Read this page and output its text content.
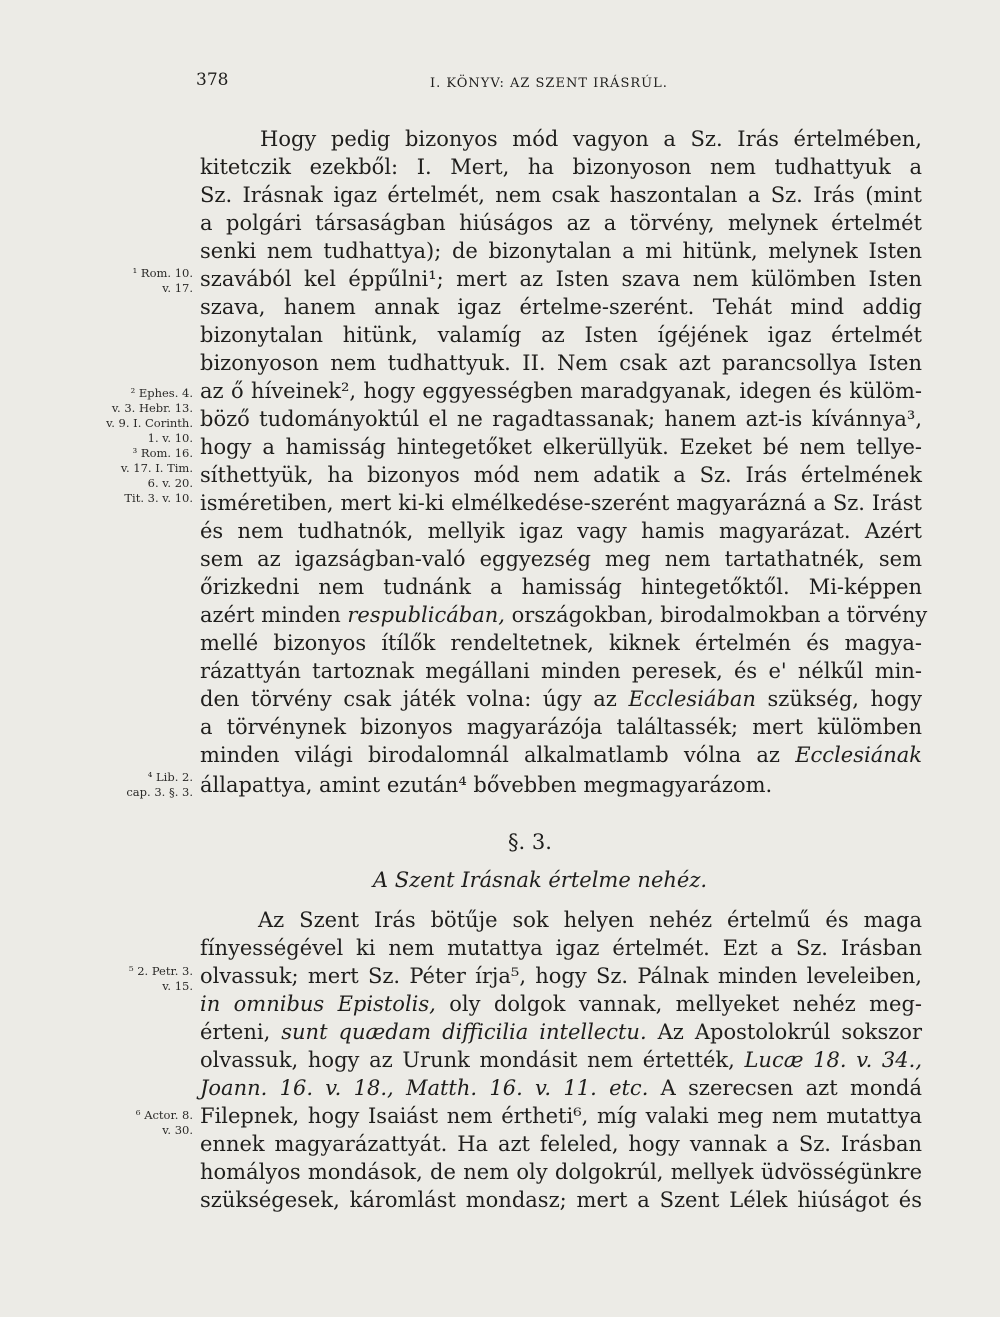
378	I. KÖNYV: AZ SZENT IRÁSRÚL.
¹ Rom. 10.
v. 17.
² Ephes. 4.
v. 3. Hebr. 13.
v. 9. I. Corinth.
1. v. 10.
³ Rom. 16.
v. 17. I. Tim.
6. v. 20.
Tit. 3. v. 10.
⁴ Lib. 2.
cap. 3. §. 3.
⁵ 2. Petr. 3.
v. 15.
⁶ Actor. 8.
v. 30.
Hogy pedig bizonyos mód vagyon a Sz. Irás értelmében,
kitetczik ezekből: I. Mert, ha bizonyoson nem tudhattyuk a
Sz. Irásnak igaz értelmét, nem csak haszontalan a Sz. Irás (mint
a polgári társaságban hiúságos az a törvény, melynek értelmét
senki nem tudhattya); de bizonytalan a mi hitünk, melynek Isten
szavából kel éppűlni¹; mert az Isten szava nem külömben Isten
szava, hanem annak igaz értelme-szerént. Tehát mind addig
bizonytalan hitünk, valamíg az Isten ígéjének igaz értelmét
bizonyoson nem tudhattyuk. II. Nem csak azt parancsollya Isten
az ő híveinek², hogy eggyességben maradgyanak, idegen és külöm-
böző tudományoktúl el ne ragadtassanak; hanem azt-is kívánnya³,
hogy a hamisság hintegetőket elkerüllyük. Ezeket bé nem tellye-
síthettyük, ha bizonyos mód nem adatik a Sz. Irás értelmének
isméretiben, mert ki-ki elmélkedése-szerént magyarázná a Sz. Irást
és nem tudhatnók, mellyik igaz vagy hamis magyarázat. Azért
sem az igazságban-való eggyezség meg nem tartathatnék, sem
őrizkedni nem tudnánk a hamisság hintegetőktől. Mi-képpen
azért minden respublicában, országokban, birodalmokban a törvény
mellé bizonyos ítílők rendeltetnek, kiknek értelmén és magya-
rázattyán tartoznak megállani minden peresek, és e' nélkűl min-
den törvény csak játék volna: úgy az Ecclesiában szükség, hogy
a törvénynek bizonyos magyarázója találtassék; mert külömben
minden világi birodalomnál alkalmatlamb vólna az Ecclesiának
állapattya, amint ezután⁴ bővebben megmagyarázom.
§. 3.
A Szent Irásnak értelme nehéz.
Az Szent Irás bötűje sok helyen nehéz értelmű és maga
fínyességével ki nem mutattya igaz értelmét. Ezt a Sz. Irásban
olvassuk; mert Sz. Péter írja⁵, hogy Sz. Pálnak minden leveleiben,
in omnibus Epistolis, oly dolgok vannak, mellyeket nehéz meg-
érteni, sunt quædam difficilia intellectu. Az Apostolokrúl sokszor
olvassuk, hogy az Urunk mondásit nem értették, Lucæ 18. v. 34.,
Joann. 16. v. 18., Matth. 16. v. 11. etc. A szerecsen azt mondá
Filepnek, hogy Isaiást nem értheti⁶, míg valaki meg nem mutattya
ennek magyarázattyát. Ha azt feleled, hogy vannak a Sz. Irásban
homályos mondások, de nem oly dolgokrúl, mellyek üdvösségünkre
szükségesek, káromlást mondasz; mert a Szent Lélek hiúságot és
